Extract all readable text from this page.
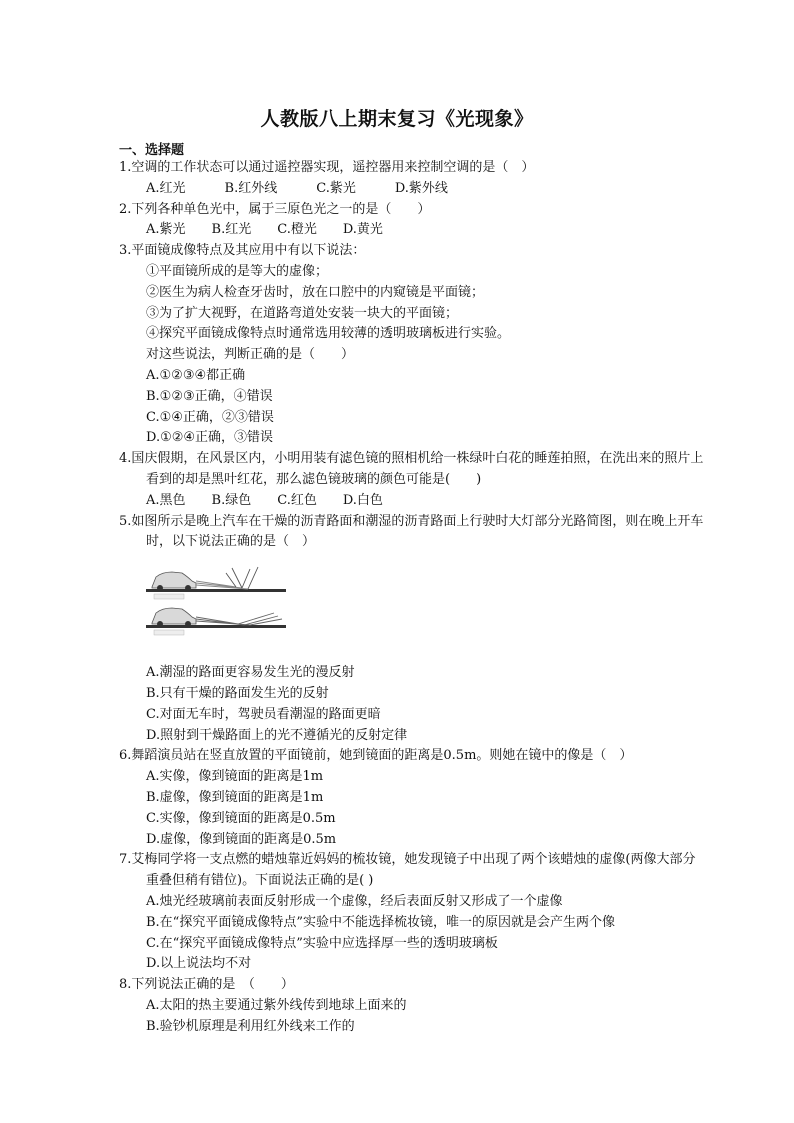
人教版八上期末复习《光现象》
一、选择题
1.空调的工作状态可以通过遥控器实现，遥控器用来控制空调的是（　）
A.红光　　　B.红外线　　　C.紫光　　　D.紫外线
2.下列各种单色光中，属于三原色光之一的是（　　）
A.紫光　　B.红光　　C.橙光　　D.黄光
3.平面镜成像特点及其应用中有以下说法：
①平面镜所成的是等大的虚像；
②医生为病人检查牙齿时，放在口腔中的内窥镜是平面镜；
③为了扩大视野，在道路弯道处安装一块大的平面镜；
④探究平面镜成像特点时通常选用较薄的透明玻璃板进行实验。
对这些说法，判断正确的是（　　）
A.①②③④都正确
B.①②③正确，④错误
C.①④正确，②③错误
D.①②④正确，③错误
4.国庆假期，在风景区内，小明用装有滤色镜的照相机给一株绿叶白花的睡莲拍照，在洗出来的照片上看到的却是黑叶红花，那么滤色镜玻璃的颜色可能是(　　)
A.黑色　　B.绿色　　C.红色　　D.白色
5.如图所示是晚上汽车在干燥的沥青路面和潮湿的沥青路面上行驶时大灯部分光路简图，则在晚上开车时，以下说法正确的是（　）
A.潮湿的路面更容易发生光的漫反射
B.只有干燥的路面发生光的反射
C.对面无车时，驾驶员看潮湿的路面更暗
D.照射到干燥路面上的光不遵循光的反射定律
6.舞蹈演员站在竖直放置的平面镜前，她到镜面的距离是0.5m。则她在镜中的像是（　）
A.实像，像到镜面的距离是1m
B.虚像，像到镜面的距离是1m
C.实像，像到镜面的距离是0.5m
D.虚像，像到镜面的距离是0.5m
7.艾梅同学将一支点燃的蜡烛靠近妈妈的梳妆镜，她发现镜子中出现了两个该蜡烛的虚像(两像大部分重叠但稍有错位)。下面说法正确的是( )
A.烛光经玻璃前表面反射形成一个虚像，经后表面反射又形成了一个虚像
B.在“探究平面镜成像特点”实验中不能选择梳妆镜，唯一的原因就是会产生两个像
C.在“探究平面镜成像特点”实验中应选择厚一些的透明玻璃板
D.以上说法均不对
8.下列说法正确的是　（　　）
A.太阳的热主要通过紫外线传到地球上面来的
B.验钞机原理是利用红外线来工作的
